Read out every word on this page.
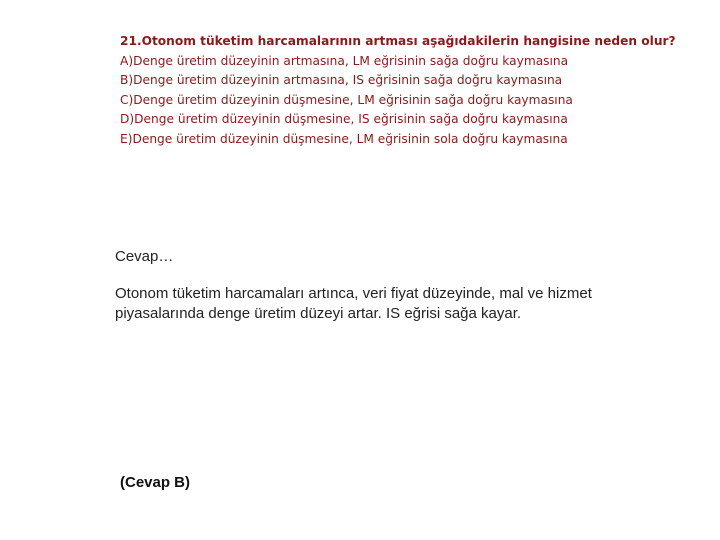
21.Otonom tüketim harcamalarının artması aşağıdakilerin hangisine neden olur?
A)Denge üretim düzeyinin artmasına, LM eğrisinin sağa doğru kaymasına
B)Denge üretim düzeyinin artmasına, IS eğrisinin sağa doğru kaymasına
C)Denge üretim düzeyinin düşmesine, LM eğrisinin sağa doğru kaymasına
D)Denge üretim düzeyinin düşmesine, IS eğrisinin sağa doğru kaymasına
E)Denge üretim düzeyinin düşmesine, LM eğrisinin sola doğru kaymasına
Cevap…
Otonom tüketim harcamaları artınca, veri fiyat düzeyinde, mal ve hizmet piyasalarında denge üretim düzeyi artar. IS eğrisi sağa kayar.
(Cevap B)
